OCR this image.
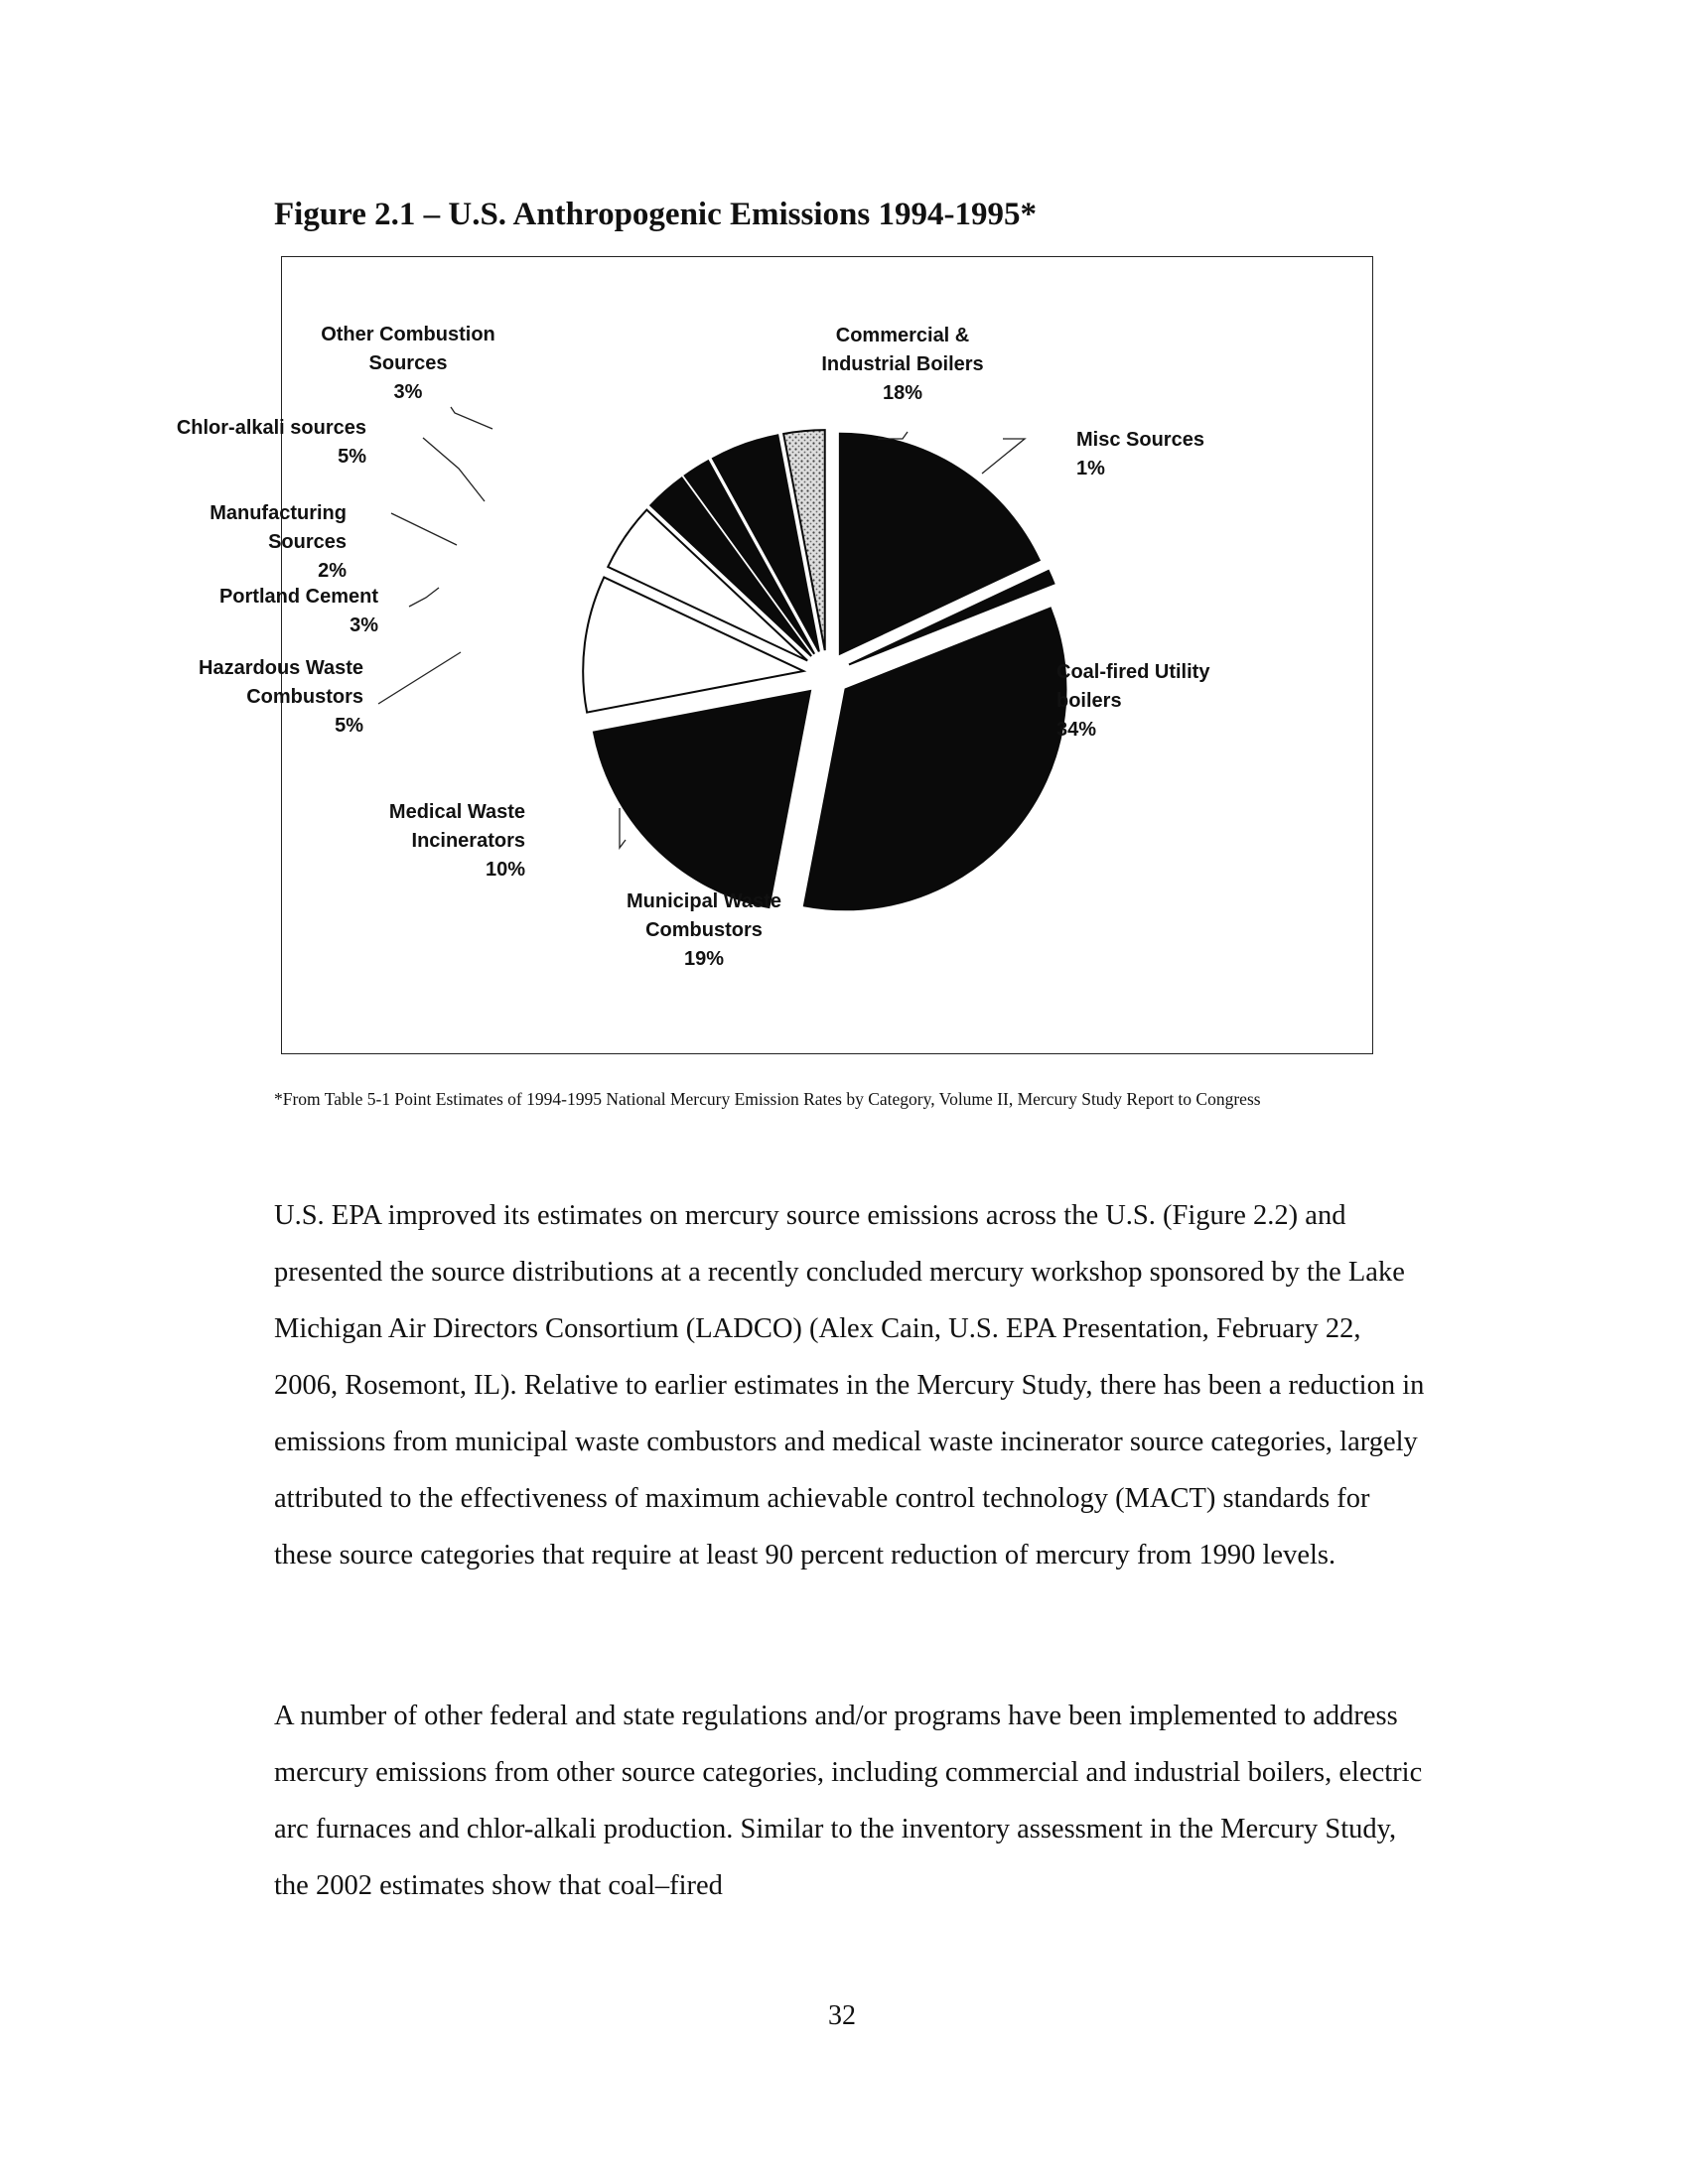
Figure 2.1 – U.S. Anthropogenic Emissions 1994-1995*
Commercial & Industrial Boilers 18%
Misc Sources 1%
Coal-fired Utility boilers 34%
Municipal Waste Combustors 19%
Medical Waste Incinerators 10%
Hazardous Waste Combustors 5%
Portland Cement 3%
Manufacturing Sources 2%
Chlor-alkali sources 5%
Other Combustion Sources 3%
*From Table 5-1 Point Estimates of 1994-1995 National Mercury Emission Rates by Category, Volume II, Mercury Study Report to Congress
U.S. EPA improved its estimates on mercury source emissions across the U.S. (Figure 2.2) and presented the source distributions at a recently concluded mercury workshop sponsored by the Lake Michigan Air Directors Consortium (LADCO) (Alex Cain, U.S. EPA Presentation, February 22, 2006, Rosemont, IL). Relative to earlier estimates in the Mercury Study, there has been a reduction in emissions from municipal waste combustors and medical waste incinerator source categories, largely attributed to the effectiveness of maximum achievable control technology (MACT) standards for these source categories that require at least 90 percent reduction of mercury from 1990 levels.
A number of other federal and state regulations and/or programs have been implemented to address mercury emissions from other source categories, including commercial and industrial boilers, electric arc furnaces and chlor-alkali production. Similar to the inventory assessment in the Mercury Study, the 2002 estimates show that coal–fired
32
